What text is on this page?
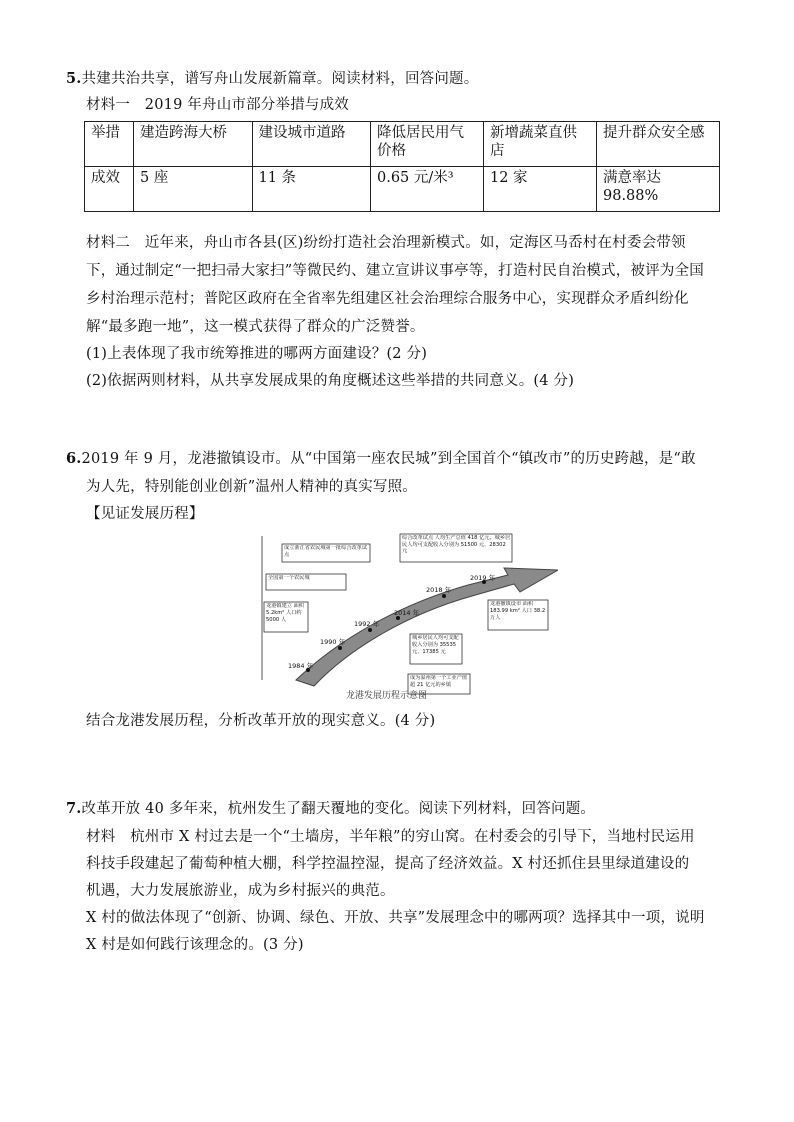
5.共建共治共享，谱写舟山发展新篇章。阅读材料，回答问题。
材料一　2019 年舟山市部分举措与成效
举措	建造跨海大桥	建设城市道路	降低居民用气价格	新增蔬菜直供店	提升群众安全感
成效	5 座	11 条	0.65 元/米³	12 家	满意率达 98.88%
材料二　近年来，舟山市各县(区)纷纷打造社会治理新模式。如，定海区马岙村在村委会带领
下，通过制定“一把扫帚大家扫”等微民约、建立宣讲议事亭等，打造村民自治模式，被评为全国
乡村治理示范村；普陀区政府在全省率先组建区社会治理综合服务中心，实现群众矛盾纠纷化
解“最多跑一地”，这一模式获得了群众的广泛赞誉。
(1)上表体现了我市统筹推进的哪两方面建设？(2 分)
(2)依据两则材料，从共享发展成果的角度概述这些举措的共同意义。(4 分)
6.2019 年 9 月，龙港撤镇设市。从“中国第一座农民城”到全国首个“镇改市”的历史跨越，是“敢
为人先，特别能创业创新”温州人精神的真实写照。
【见证发展历程】
1984 年
1990 年
1992 年
2014 年
2018 年
2019 年
成立浙江省农民城第一批综合改革试点
全国第一个农民城
龙港镇建立 面积 5.2km² 人口约 5000 人
综合改革试点 人均生产总值 418 亿元，城乡居民人均可支配收入分别为 51500 元、28302 元
城乡居民人均可支配收入分别为 35535 元、17385 元
龙港撤镇设市 面积 183.99 km² 人口 38.2 万人
成为温州第一个工业产值超 21 亿元的乡镇
龙港发展历程示意图
结合龙港发展历程，分析改革开放的现实意义。(4 分)
7.改革开放 40 多年来，杭州发生了翻天覆地的变化。阅读下列材料，回答问题。
材料　杭州市 X 村过去是一个“土墙房，半年粮”的穷山窝。在村委会的引导下，当地村民运用
科技手段建起了葡萄种植大棚，科学控温控湿，提高了经济效益。X 村还抓住县里绿道建设的
机遇，大力发展旅游业，成为乡村振兴的典范。
X 村的做法体现了“创新、协调、绿色、开放、共享”发展理念中的哪两项？选择其中一项，说明
X 村是如何践行该理念的。(3 分)
